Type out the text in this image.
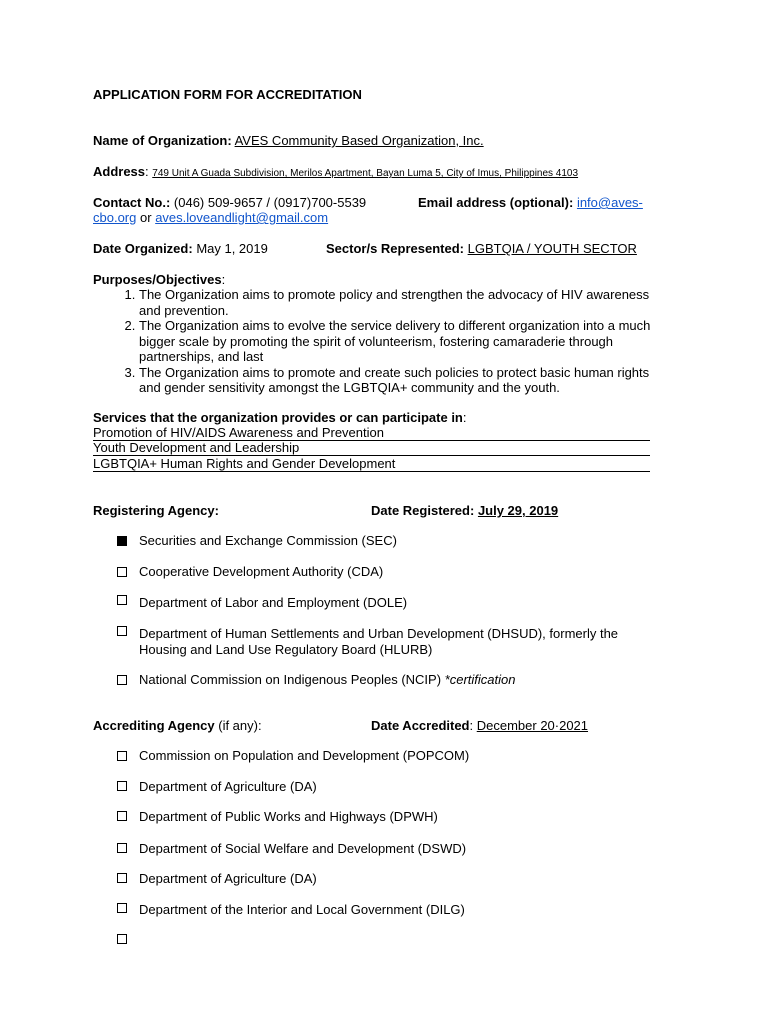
APPLICATION FORM FOR ACCREDITATION
Name of Organization: AVES Community Based Organization, Inc.
Address: 749 Unit A Guada Subdivision, Merilos Apartment, Bayan Luma 5, City of Imus, Philippines 4103
Contact No.: (046) 509-9657 / (0917)700-5539	Email address (optional): info@aves-
cbo.org or aves.loveandlight@gmail.com
Date Organized: May 1, 2019	Sector/s Represented: LGBTQIA / YOUTH SECTOR
Purposes/Objectives:
1. The Organization aims to promote policy and strengthen the advocacy of HIV awareness and prevention.
2. The Organization aims to evolve the service delivery to different organization into a much bigger scale by promoting the spirit of volunteerism, fostering camaraderie through partnerships, and last
3. The Organization aims to promote and create such policies to protect basic human rights and gender sensitivity amongst the LGBTQIA+ community and the youth.
Services that the organization provides or can participate in:
Promotion of HIV/AIDS Awareness and Prevention
Youth Development and Leadership
LGBTQIA+ Human Rights and Gender Development
Registering Agency:	Date Registered: July 29, 2019
Securities and Exchange Commission (SEC)
Cooperative Development Authority (CDA)
Department of Labor and Employment (DOLE)
Department of Human Settlements and Urban Development (DHSUD), formerly the Housing and Land Use Regulatory Board (HLURB)
National Commission on Indigenous Peoples (NCIP) *certification
Accrediting Agency (if any):	Date Accredited: December 20·2021
Commission on Population and Development (POPCOM)
Department of Agriculture (DA)
Department of Public Works and Highways (DPWH)
Department of Social Welfare and Development (DSWD)
Department of Agriculture (DA)
Department of the Interior and Local Government (DILG)
